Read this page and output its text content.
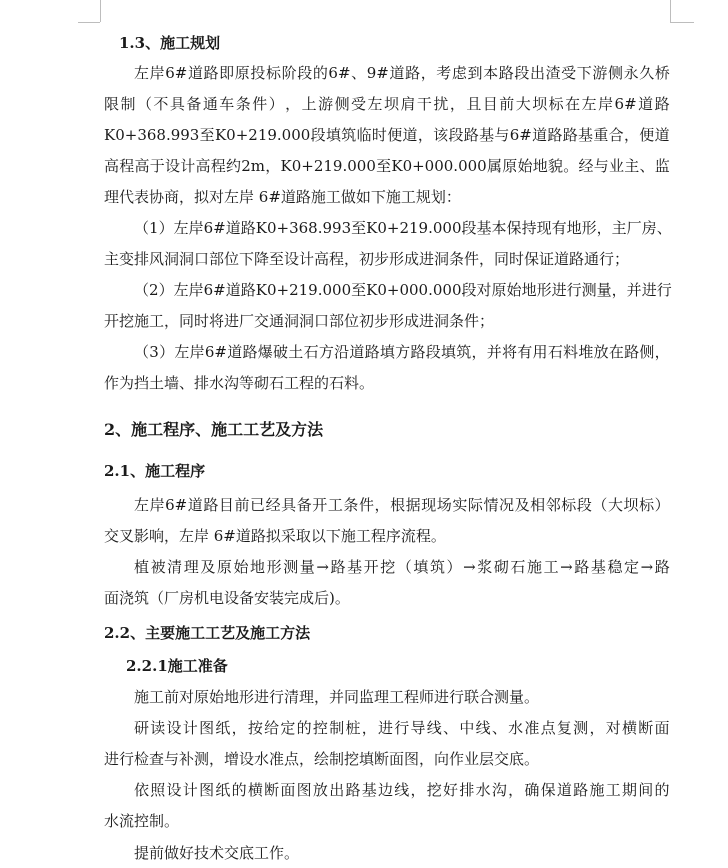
1.3、施工规划
左 岸 6# 道 路 即 原 投 标 阶 段 的 6# 、 9# 道 路 ， 考 虑 到 本 路 段 出 渣 受 下 游 侧 永 久 桥
限 制 （ 不 具 备 通 车 条 件 ） ， 上 游 侧 受 左 坝 肩 干 扰 ， 且 目 前 大 坝 标 在 左 岸 6# 道 路
K0+368.993 至 K0+219.000 段 填 筑 临 时 便 道 ， 该 段 路 基 与 6# 道 路 路 基 重 合 ， 便 道
高 程 高 于 设 计 高 程 约 2m ， K0+219.000 至 K0+000.000 属 原 始 地 貌 。 经 与 业 主 、 监
理代表协商，拟对左岸 6#道路施工做如下施工规划：
（ 1 ） 左 岸 6# 道 路 K0+368.993 至 K0+219.000 段 基 本 保 持 现 有 地 形 ， 主 厂 房 、
主变排风洞洞口部位下降至设计高程，初步形成进洞条件，同时保证道路通行；
（ 2 ） 左 岸 6# 道 路 K0+219.000 至 K0+000.000 段 对 原 始 地 形 进 行 测 量 ， 并 进 行
开挖施工，同时将进厂交通洞洞口部位初步形成进洞条件；
（ 3 ） 左 岸 6# 道 路 爆 破 土 石 方 沿 道 路 填 方 路 段 填 筑 ， 并 将 有 用 石 料 堆 放 在 路 侧 ，
作为挡土墙、排水沟等砌石工程的石料。
2、施工程序、施工工艺及方法
2.1、施工程序
左 岸 6# 道 路 目 前 已 经 具 备 开 工 条 件 ， 根 据 现 场 实 际 情 况 及 相 邻 标 段 （ 大 坝 标 ）
交叉影响，左岸 6#道路拟采取以下施工程序流程。
植 被 清 理 及 原 始 地 形 测 量 → 路 基 开 挖 （ 填 筑 ） → 浆 砌 石 施 工 → 路 基 稳 定 → 路
面浇筑（厂房机电设备安装完成后)。
2.2、主要施工工艺及施工方法
2.2.1施工准备
施工前对原始地形进行清理，并同监理工程师进行联合测量。
研 读 设 计 图 纸 ， 按 给 定 的 控 制 桩 ， 进 行 导 线 、 中 线 、 水 准 点 复 测 ， 对 横 断 面
进行检查与补测，增设水准点，绘制挖填断面图，向作业层交底。
依 照 设 计 图 纸 的 横 断 面 图 放 出 路 基 边 线 ， 挖 好 排 水 沟 ， 确 保 道 路 施 工 期 间 的
水流控制。
提前做好技术交底工作。
